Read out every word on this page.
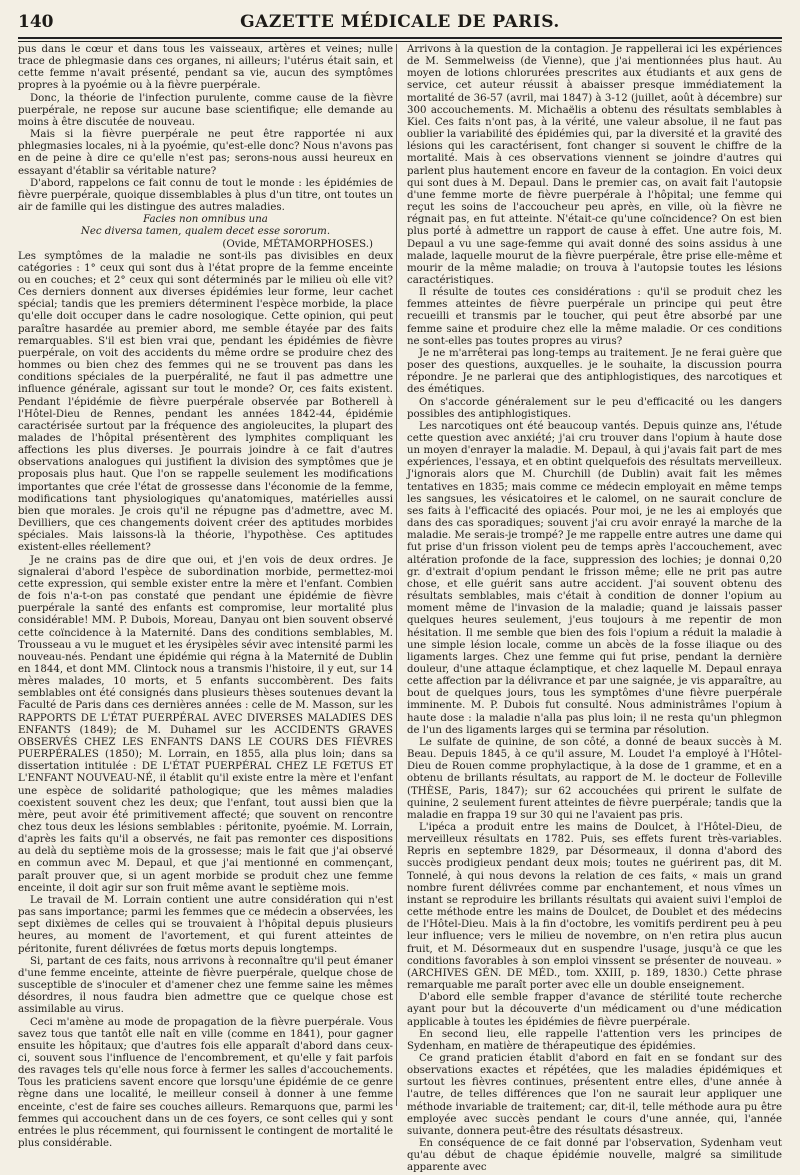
140	GAZETTE MÉDICALE DE PARIS.

pus dans le cœur et dans tous les vaisseaux, artères et veines; nulle trace de phlegmasie dans ces organes, ni ailleurs; l'utérus était sain, et cette femme n'avait présenté, pendant sa vie, aucun des symptômes propres à la pyoémie ou à la fièvre puerpérale.

Donc, la théorie de l'infection purulente, comme cause de la fièvre puerpérale, ne repose sur aucune base scientifique; elle demande au moins à être discutée de nouveau.

Mais si la fièvre puerpérale ne peut être rapportée ni aux phlegmasies locales, ni à la pyoémie, qu'est-elle donc? Nous n'avons pas en de peine à dire ce qu'elle n'est pas; serons-nous aussi heureux en essayant d'établir sa véritable nature?

D'abord, rappelons ce fait connu de tout le monde : les épidémies de fièvre puerpérale, quoique dissemblables à plus d'un titre, ont toutes un air de famille qui les distingue des autres maladies.

Facies non omnibus una

Nec diversa tamen, qualem decet esse sororum.

(Ovide, MÉTAMORPHOSES.)

Les symptômes de la maladie ne sont-ils pas divisibles en deux catégories : 1° ceux qui sont dus à l'état propre de la femme enceinte ou en couches; et 2° ceux qui sont déterminés par le milieu où elle vit? Ces derniers donnent aux diverses épidémies leur forme, leur cachet spécial; tandis que les premiers déterminent l'espèce morbide, la place qu'elle doit occuper dans le cadre nosologique. Cette opinion, qui peut paraître hasardée au premier abord, me semble étayée par des faits remarquables. S'il est bien vrai que, pendant les épidémies de fièvre puerpérale, on voit des accidents du même ordre se produire chez des hommes ou bien chez des femmes qui ne se trouvent pas dans les conditions spéciales de la puerpéralité, ne faut il pas admettre une influence générale, agissant sur tout le monde? Or, ces faits existent. Pendant l'épidémie de fièvre puerpérale observée par Botherell à l'Hôtel-Dieu de Rennes, pendant les années 1842-44, épidémie caractérisée surtout par la fréquence des angioleucites, la plupart des malades de l'hôpital présentèrent des lymphites compliquant les affections les plus diverses. Je pourrais joindre à ce fait d'autres observations analogues qui justifient la division des symptômes que je proposais plus haut. Que l'on se rappelle seulement les modifications importantes que crée l'état de grossesse dans l'économie de la femme, modifications tant physiologiques qu'anatomiques, matérielles aussi bien que morales. Je crois qu'il ne répugne pas d'admettre, avec M. Devilliers, que ces changements doivent créer des aptitudes morbides spéciales. Mais laissons-là la théorie, l'hypothèse. Ces aptitudes existent-elles réellement?

Je ne crains pas de dire que oui, et j'en vois de deux ordres. Je signalerai d'abord l'espèce de subordination morbide, permettez-moi cette expression, qui semble exister entre la mère et l'enfant. Combien de fois n'a-t-on pas constaté que pendant une épidémie de fièvre puerpérale la santé des enfants est compromise, leur mortalité plus considérable! MM. P. Dubois, Moreau, Danyau ont bien souvent observé cette coïncidence à la Maternité. Dans des conditions semblables, M. Trousseau a vu le muguet et les érysipèles sévir avec intensité parmi les nouveau-nés. Pendant une épidémie qui régna à la Maternité de Dublin en 1844, et dont MM. Clintock nous a transmis l'histoire, il y eut, sur 14 mères malades, 10 morts, et 5 enfants succombèrent. Des faits semblables ont été consignés dans plusieurs thèses soutenues devant la Faculté de Paris dans ces dernières années : celle de M. Masson, sur les RAPPORTS DE L'ÉTAT PUERPÉRAL AVEC DIVERSES MALADIES DES ENFANTS (1849); de M. Duhamel sur les ACCIDENTS GRAVES OBSERVÉS CHEZ LES ENFANTS DANS LE COURS DES FIÈVRES PUERPÉRALES (1850); M. Lorrain, en 1855, alla plus loin; dans sa dissertation intitulée : DE L'ÉTAT PUERPÉRAL CHEZ LE FŒTUS ET L'ENFANT NOUVEAU-NÉ, il établit qu'il existe entre la mère et l'enfant une espèce de solidarité pathologique; que les mêmes maladies coexistent souvent chez les deux; que l'enfant, tout aussi bien que la mère, peut avoir été primitivement affecté; que souvent on rencontre chez tous deux les lésions semblables : péritonite, pyoémie. M. Lorrain, d'après les faits qu'il a observés, ne fait pas remonter ces dispositions au delà du septième mois de la grossesse; mais le fait que j'ai observé en commun avec M. Depaul, et que j'ai mentionné en commençant, paraît prouver que, si un agent morbide se produit chez une femme enceinte, il doit agir sur son fruit même avant le septième mois.

Le travail de M. Lorrain contient une autre considération qui n'est pas sans importance; parmi les femmes que ce médecin a observées, les sept dixièmes de celles qui se trouvaient à l'hôpital depuis plusieurs heures, au moment de l'avortement, et qui furent atteintes de péritonite, furent délivrées de fœtus morts depuis longtemps.

Si, partant de ces faits, nous arrivons à reconnaître qu'il peut émaner d'une femme enceinte, atteinte de fièvre puerpérale, quelque chose de susceptible de s'inoculer et d'amener chez une femme saine les mêmes désordres, il nous faudra bien admettre que ce quelque chose est assimilable au virus.

Ceci m'amène au mode de propagation de la fièvre puerpérale. Vous savez tous que tantôt elle naît en ville (comme en 1841), pour gagner ensuite les hôpitaux; que d'autres fois elle apparaît d'abord dans ceux-ci, souvent sous l'influence de l'encombrement, et qu'elle y fait parfois des ravages tels qu'elle nous force à fermer les salles d'accouchements. Tous les praticiens savent encore que lorsqu'une épidémie de ce genre règne dans une localité, le meilleur conseil à donner à une femme enceinte, c'est de faire ses couches ailleurs. Remarquons que, parmi les femmes qui accouchent dans un de ces foyers, ce sont celles qui y sont entrées le plus récemment, qui fournissent le contingent de mortalité le plus considérable.

Arrivons à la question de la contagion. Je rappellerai ici les expériences de M. Semmelweiss (de Vienne), que j'ai mentionnées plus haut. Au moyen de lotions chlorurées prescrites aux étudiants et aux gens de service, cet auteur réussit à abaisser presque immédiatement la mortalité de 36-57 (avril, mai 1847) à 3-12 (juillet, août à décembre) sur 300 accouchements. M. Michaëlis a obtenu des résultats semblables à Kiel. Ces faits n'ont pas, à la vérité, une valeur absolue, il ne faut pas oublier la variabilité des épidémies qui, par la diversité et la gravité des lésions qui les caractérisent, font changer si souvent le chiffre de la mortalité. Mais à ces observations viennent se joindre d'autres qui parlent plus hautement encore en faveur de la contagion. En voici deux qui sont dues à M. Depaul. Dans le premier cas, on avait fait l'autopsie d'une femme morte de fièvre puerpérale à l'hôpital; une femme qui reçut les soins de l'accoucheur peu après, en ville, où la fièvre ne régnait pas, en fut atteinte. N'était-ce qu'une coïncidence? On est bien plus porté à admettre un rapport de cause à effet. Une autre fois, M. Depaul a vu une sage-femme qui avait donné des soins assidus à une malade, laquelle mourut de la fièvre puerpérale, être prise elle-même et mourir de la même maladie; on trouva à l'autopsie toutes les lésions caractéristiques.

Il résulte de toutes ces considérations : qu'il se produit chez les femmes atteintes de fièvre puerpérale un principe qui peut être recueilli et transmis par le toucher, qui peut être absorbé par une femme saine et produire chez elle la même maladie. Or ces conditions ne sont-elles pas toutes propres au virus?

Je ne m'arrêterai pas long-temps au traitement. Je ne ferai guère que poser des questions, auxquelles. je le souhaite, la discussion pourra répondre. Je ne parlerai que des antiphlogistiques, des narcotiques et des émétiques.

On s'accorde généralement sur le peu d'efficacité ou les dangers possibles des antiphlogistiques.

Les narcotiques ont été beaucoup vantés. Depuis quinze ans, l'étude cette question avec anxiété; j'ai cru trouver dans l'opium à haute dose un moyen d'enrayer la maladie. M. Depaul, à qui j'avais fait part de mes expériences, l'essaya, et en obtint quelquefois des résultats merveilleux. J'ignorais alors que M. Churchill (de Dublin) avait fait les mêmes tentatives en 1835; mais comme ce médecin employait en même temps les sangsues, les vésicatoires et le calomel, on ne saurait conclure de ses faits à l'efficacité des opiacés. Pour moi, je ne les ai employés que dans des cas sporadiques; souvent j'ai cru avoir enrayé la marche de la maladie. Me serais-je trompé? Je me rappelle entre autres une dame qui fut prise d'un frisson violent peu de temps après l'accouchement, avec altération profonde de la face, suppression des lochies; je donnai 0,20 gr. d'extrait d'opium pendant le frisson même; elle ne prit pas autre chose, et elle guérit sans autre accident. J'ai souvent obtenu des résultats semblables, mais c'était à condition de donner l'opium au moment même de l'invasion de la maladie; quand je laissais passer quelques heures seulement, j'eus toujours à me repentir de mon hésitation. Il me semble que bien des fois l'opium a réduit la maladie à une simple lésion locale, comme un abcès de la fosse iliaque ou des ligaments larges. Chez une femme qui fut prise, pendant la dernière douleur, d'une attaque éclamptique, et chez laquelle M. Depaul enraya cette affection par la délivrance et par une saignée, je vis apparaître, au bout de quelques jours, tous les symptômes d'une fièvre puerpérale imminente. M. P. Dubois fut consulté. Nous administrâmes l'opium à haute dose : la maladie n'alla pas plus loin; il ne resta qu'un phlegmon de l'un des ligaments larges qui se termina par résolution.

Le sulfate de quinine, de son côté, a donné de beaux succès à M. Beau. Depuis 1845, à ce qu'il assure, M. Loudet l'a employé à l'Hôtel-Dieu de Rouen comme prophylactique, à la dose de 1 gramme, et en a obtenu de brillants résultats, au rapport de M. le docteur de Folleville (THÈSE, Paris, 1847); sur 62 accouchées qui prirent le sulfate de quinine, 2 seulement furent atteintes de fièvre puerpérale; tandis que la maladie en frappa 19 sur 30 qui ne l'avaient pas pris.

L'ipéca a produit entre les mains de Doulcet, à l'Hôtel-Dieu, de merveilleux résultats en 1782. Puis, ses effets furent très-variables. Repris en septembre 1829, par Désormeaux, il donna d'abord des succès prodigieux pendant deux mois; toutes ne guérirent pas, dit M. Tonnelé, à qui nous devons la relation de ces faits, « mais un grand nombre furent délivrées comme par enchantement, et nous vîmes un instant se reproduire les brillants résultats qui avaient suivi l'emploi de cette méthode entre les mains de Doulcet, de Doublet et des médecins de l'Hôtel-Dieu. Mais à la fin d'octobre, les vomitifs perdirent peu à peu leur influence; vers le milieu de novembre, on n'en retira plus aucun fruit, et M. Désormeaux dut en suspendre l'usage, jusqu'à ce que les conditions favorables à son emploi vinssent se présenter de nouveau. » (ARCHIVES GÉN. DE MÉD., tom. XXIII, p. 189, 1830.) Cette phrase remarquable me paraît porter avec elle un double enseignement.

D'abord elle semble frapper d'avance de stérilité toute recherche ayant pour but la découverte d'un médicament ou d'une médication applicable à toutes les épidémies de fièvre puerpérale.

En second lieu, elle rappelle l'attention vers les principes de Sydenham, en matière de thérapeutique des épidémies.

Ce grand praticien établit d'abord en fait en se fondant sur des observations exactes et répétées, que les maladies épidémiques et surtout les fièvres continues, présentent entre elles, d'une année à l'autre, de telles différences que l'on ne saurait leur appliquer une méthode invariable de traitement; car, dit-il, telle méthode aura pu être employée avec succès pendant le cours d'une année, qui, l'année suivante, donnera peut-être des résultats désastreux.

En conséquence de ce fait donné par l'observation, Sydenham veut qu'au début de chaque épidémie nouvelle, malgré sa similitude apparente avec
